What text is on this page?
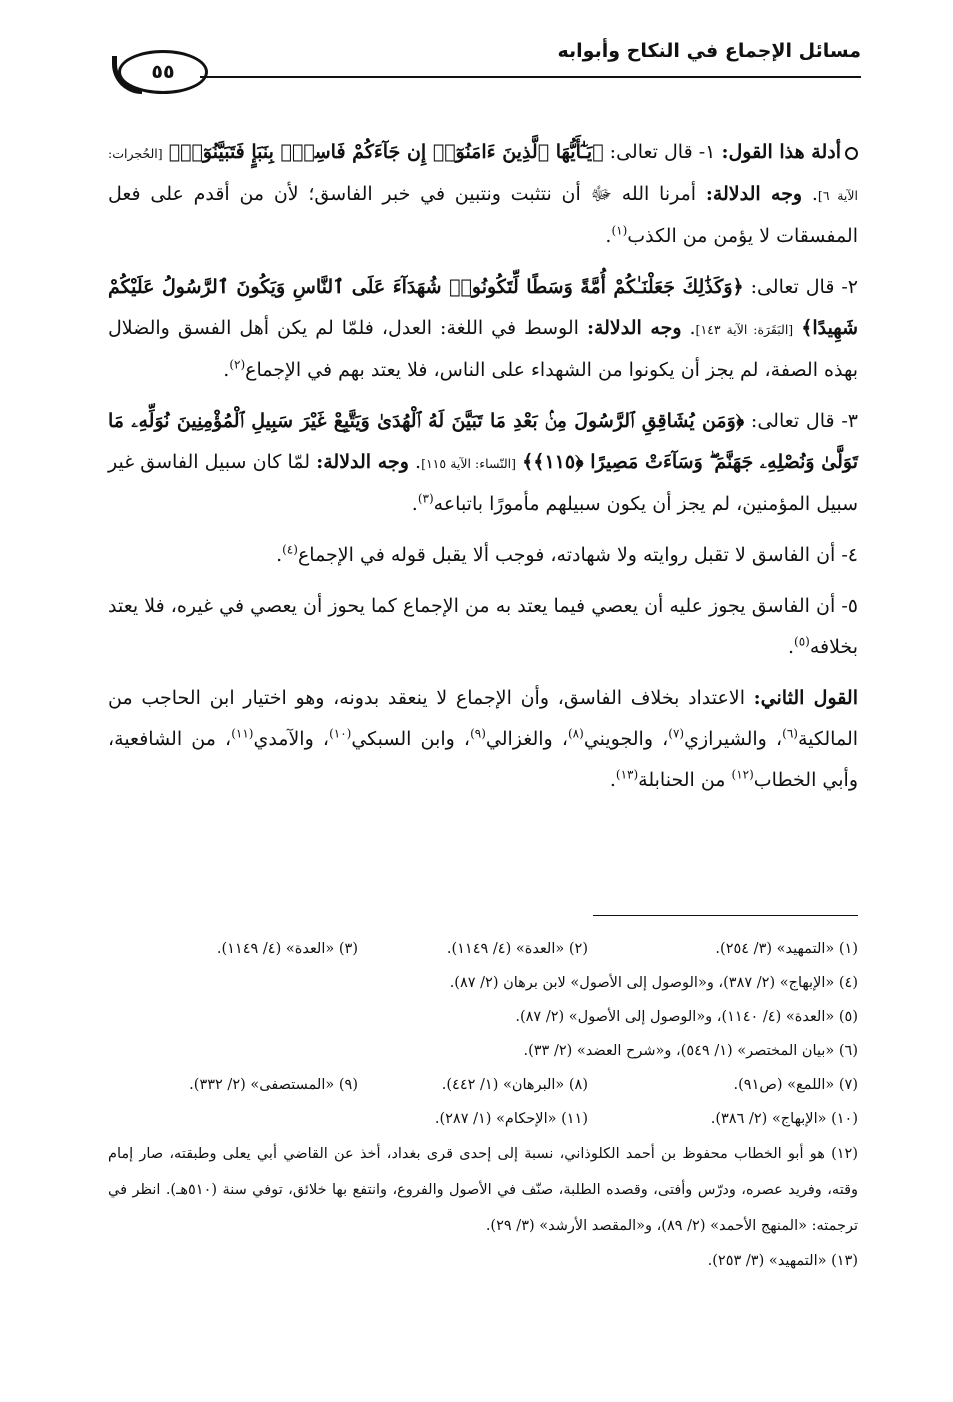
مسائل الإجماع في النكاح وأبوابه
٥٥

أدلة هذا القول: ١- قال تعالى: ﴿يَـٰٓأَيُّهَا ٱلَّذِينَ ءَامَنُوٓا۟ إِن جَآءَكُمْ فَاسِقٌۢ بِنَبَإٍ فَتَبَيَّنُوٓا۟﴾ [الحُجرات: الآية ٦]. وجه الدلالة: أمرنا الله ﷻ أن نتثبت ونتبين في خبر الفاسق؛ لأن من أقدم على فعل المفسقات لا يؤمن من الكذب$^{(١)}$.

٢- قال تعالى: ﴿وَكَذَٰلِكَ جَعَلْنَـٰكُمْ أُمَّةً وَسَطًا لِّتَكُونُوا۟ شُهَدَآءَ عَلَى ٱلنَّاسِ وَيَكُونَ ٱلرَّسُولُ عَلَيْكُمْ شَهِيدًا﴾ [البَقَرَة: الآية ١٤٣]. وجه الدلالة: الوسط في اللغة: العدل، فلمّا لم يكن أهل الفسق والضلال بهذه الصفة، لم يجز أن يكونوا من الشهداء على الناس، فلا يعتد بهم في الإجماع$^{(٢)}$.

٣- قال تعالى: ﴿وَمَن يُشَاقِقِ ٱلرَّسُولَ مِنۢ بَعْدِ مَا تَبَيَّنَ لَهُ ٱلْهُدَىٰ وَيَتَّبِعْ غَيْرَ سَبِيلِ ٱلْمُؤْمِنِينَ نُوَلِّهِۦ مَا تَوَلَّىٰ وَنُصْلِهِۦ جَهَنَّمَ ۖ وَسَآءَتْ مَصِيرًا ﴿١١٥﴾﴾ [النّساء: الآية ١١٥]. وجه الدلالة: لمّا كان سبيل الفاسق غير سبيل المؤمنين، لم يجز أن يكون سبيلهم مأمورًا باتباعه$^{(٣)}$.

٤- أن الفاسق لا تقبل روايته ولا شهادته، فوجب ألا يقبل قوله في الإجماع$^{(٤)}$.

٥- أن الفاسق يجوز عليه أن يعصي فيما يعتد به من الإجماع كما يحوز أن يعصي في غيره، فلا يعتد بخلافه$^{(٥)}$.

القول الثاني: الاعتداد بخلاف الفاسق، وأن الإجماع لا ينعقد بدونه، وهو اختيار ابن الحاجب من المالكية$^{(٦)}$، والشيرازي$^{(٧)}$، والجويني$^{(٨)}$، والغزالي$^{(٩)}$، وابن السبكي$^{(١٠)}$، والآمدي$^{(١١)}$، من الشافعية، وأبي الخطاب$^{(١٢)}$ من الحنابلة$^{(١٣)}$.

(١) «التمهيد» (٣/ ٢٥٤).
(٢) «العدة» (٤/ ١١٤٩).
(٣) «العدة» (٤/ ١١٤٩).
(٤) «الإبهاج» (٢/ ٣٨٧)، و«الوصول إلى الأصول» لابن برهان (٢/ ٨٧).
(٥) «العدة» (٤/ ١١٤٠)، و«الوصول إلى الأصول» (٢/ ٨٧).
(٦) «بيان المختصر» (١/ ٥٤٩)، و«شرح العضد» (٢/ ٣٣).
(٧) «اللمع» (ص٩١).
(٨) «البرهان» (١/ ٤٤٢).
(٩) «المستصفى» (٢/ ٣٣٢).
(١٠) «الإبهاج» (٢/ ٣٨٦).
(١١) «الإحكام» (١/ ٢٨٧).
(١٢) هو أبو الخطاب محفوظ بن أحمد الكلوذاني، نسبة إلى إحدى قرى بغداد، أخذ عن القاضي أبي يعلى وطبقته، صار إمام وقته، وفريد عصره، ودرّس وأفتى، وقصده الطلبة، صنّف في الأصول والفروع، وانتفع بها خلائق، توفي سنة (٥١٠هـ). انظر في ترجمته: «المنهج الأحمد» (٢/ ٨٩)، و«المقصد الأرشد» (٣/ ٢٩).
(١٣) «التمهيد» (٣/ ٢٥٣).
